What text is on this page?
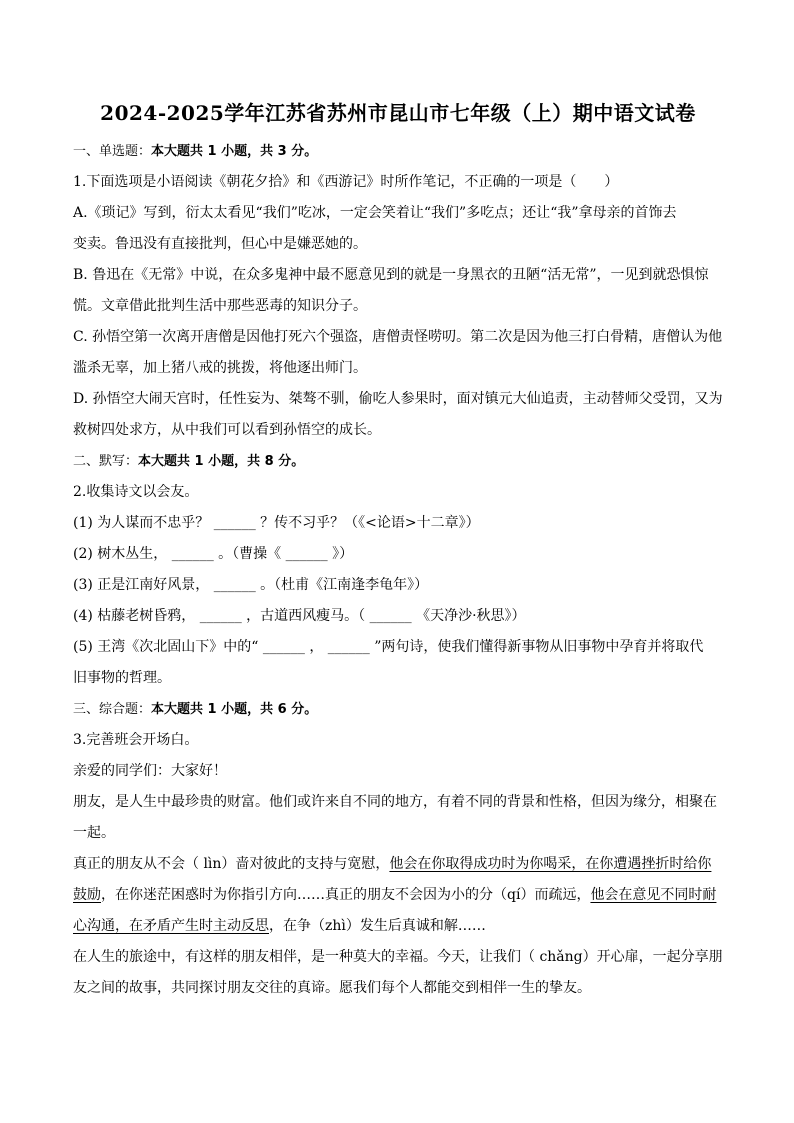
2024-2025学年江苏省苏州市昆山市七年级（上）期中语文试卷
一、单选题：本大题共 1 小题，共 3 分。
1.下面选项是小语阅读《朝花夕拾》和《西游记》时所作笔记，不正确的一项是（　　）
A.《琐记》写到，衍太太看见“我们”吃冰，一定会笑着让“我们”多吃点；还让“我”拿母亲的首饰去
变卖。鲁迅没有直接批判，但心中是嫌恶她的。
B. 鲁迅在《无常》中说，在众多鬼神中最不愿意见到的就是一身黑衣的丑陋“活无常”，一见到就恐惧惊
慌。文章借此批判生活中那些恶毒的知识分子。
C. 孙悟空第一次离开唐僧是因他打死六个强盗，唐僧责怪唠叨。第二次是因为他三打白骨精，唐僧认为他
滥杀无辜，加上猪八戒的挑拨，将他逐出师门。
D. 孙悟空大闹天宫时，任性妄为、桀骜不驯，偷吃人参果时，面对镇元大仙追责，主动替师父受罚，又为
救树四处求方，从中我们可以看到孙悟空的成长。
二、默写：本大题共 1 小题，共 8 分。
2.收集诗文以会友。
(1) 为人谋而不忠乎？ ______ ？传不习乎？（《<论语>十二章》）
(2) 树木丛生， ______ 。（曹操《 ______ 》）
(3) 正是江南好风景， ______ 。（杜甫《江南逢李龟年》）
(4) 枯藤老树昏鸦， ______ ，古道西风瘦马。（ ______ 《天净沙·秋思》）
(5) 王湾《次北固山下》中的“ ______ ， ______ ”两句诗，使我们懂得新事物从旧事物中孕育并将取代
旧事物的哲理。
三、综合题：本大题共 1 小题，共 6 分。
3.完善班会开场白。
亲爱的同学们：大家好！
朋友，是人生中最珍贵的财富。他们或许来自不同的地方，有着不同的背景和性格，但因为缘分，相聚在
一起。
真正的朋友从不会（ lìn）啬对彼此的支持与宽慰，他会在你取得成功时为你喝采，在你遭遇挫折时给你
鼓励，在你迷茫困惑时为你指引方向……真正的朋友不会因为小的分（qí）而疏远，他会在意见不同时耐
心沟通，在矛盾产生时主动反思，在争（zhì）发生后真诚和解……
在人生的旅途中，有这样的朋友相伴，是一种莫大的幸福。今天，让我们（ chǎng）开心扉，一起分享朋
友之间的故事，共同探讨朋友交往的真谛。愿我们每个人都能交到相伴一生的挚友。
